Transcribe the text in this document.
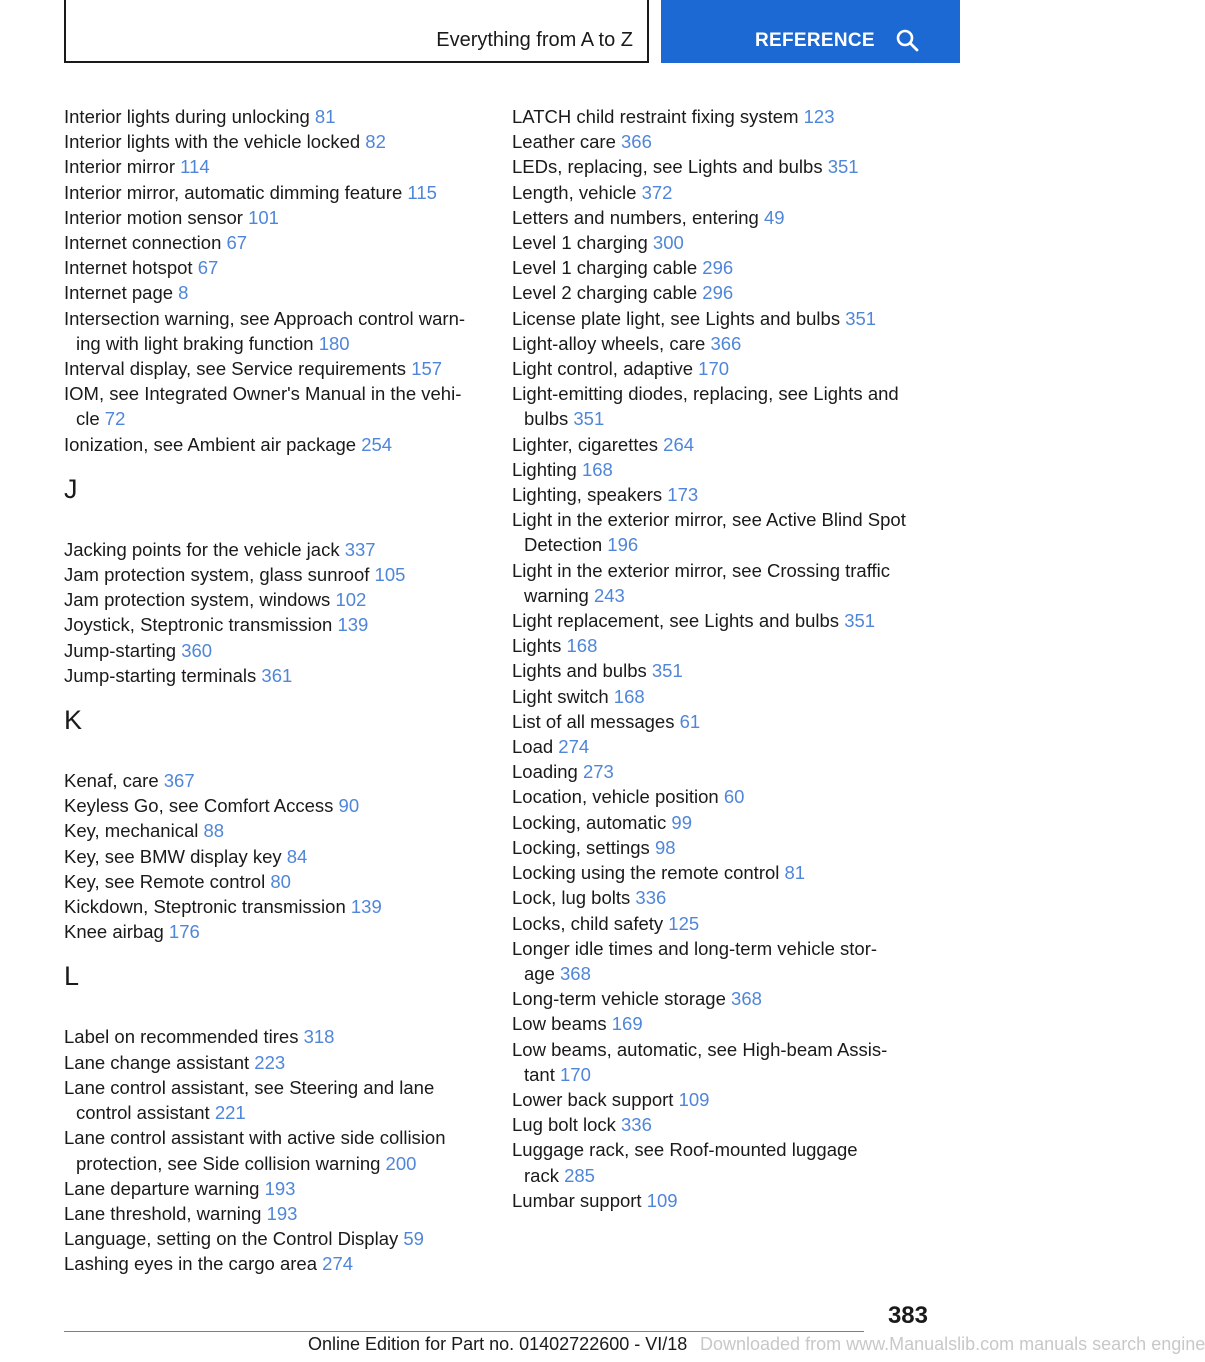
Everything from A to Z	REFERENCE
Interior lights during unlocking 81
Interior lights with the vehicle locked 82
Interior mirror 114
Interior mirror, automatic dimming feature 115
Interior motion sensor 101
Internet connection 67
Internet hotspot 67
Internet page 8
Intersection warning, see Approach control warn-
ing with light braking function 180
Interval display, see Service requirements 157
IOM, see Integrated Owner's Manual in the vehi-
cle 72
Ionization, see Ambient air package 254
J
Jacking points for the vehicle jack 337
Jam protection system, glass sunroof 105
Jam protection system, windows 102
Joystick, Steptronic transmission 139
Jump-starting 360
Jump-starting terminals 361
K
Kenaf, care 367
Keyless Go, see Comfort Access 90
Key, mechanical 88
Key, see BMW display key 84
Key, see Remote control 80
Kickdown, Steptronic transmission 139
Knee airbag 176
L
Label on recommended tires 318
Lane change assistant 223
Lane control assistant, see Steering and lane
control assistant 221
Lane control assistant with active side collision
protection, see Side collision warning 200
Lane departure warning 193
Lane threshold, warning 193
Language, setting on the Control Display 59
Lashing eyes in the cargo area 274
LATCH child restraint fixing system 123
Leather care 366
LEDs, replacing, see Lights and bulbs 351
Length, vehicle 372
Letters and numbers, entering 49
Level 1 charging 300
Level 1 charging cable 296
Level 2 charging cable 296
License plate light, see Lights and bulbs 351
Light-alloy wheels, care 366
Light control, adaptive 170
Light-emitting diodes, replacing, see Lights and
bulbs 351
Lighter, cigarettes 264
Lighting 168
Lighting, speakers 173
Light in the exterior mirror, see Active Blind Spot
Detection 196
Light in the exterior mirror, see Crossing traffic
warning 243
Light replacement, see Lights and bulbs 351
Lights 168
Lights and bulbs 351
Light switch 168
List of all messages 61
Load 274
Loading 273
Location, vehicle position 60
Locking, automatic 99
Locking, settings 98
Locking using the remote control 81
Lock, lug bolts 336
Locks, child safety 125
Longer idle times and long-term vehicle stor-
age 368
Long-term vehicle storage 368
Low beams 169
Low beams, automatic, see High-beam Assis-
tant 170
Lower back support 109
Lug bolt lock 336
Luggage rack, see Roof-mounted luggage
rack 285
Lumbar support 109
383
Online Edition for Part no. 01402722600 - VI/18 Downloaded from www.Manualslib.com manuals search engine
